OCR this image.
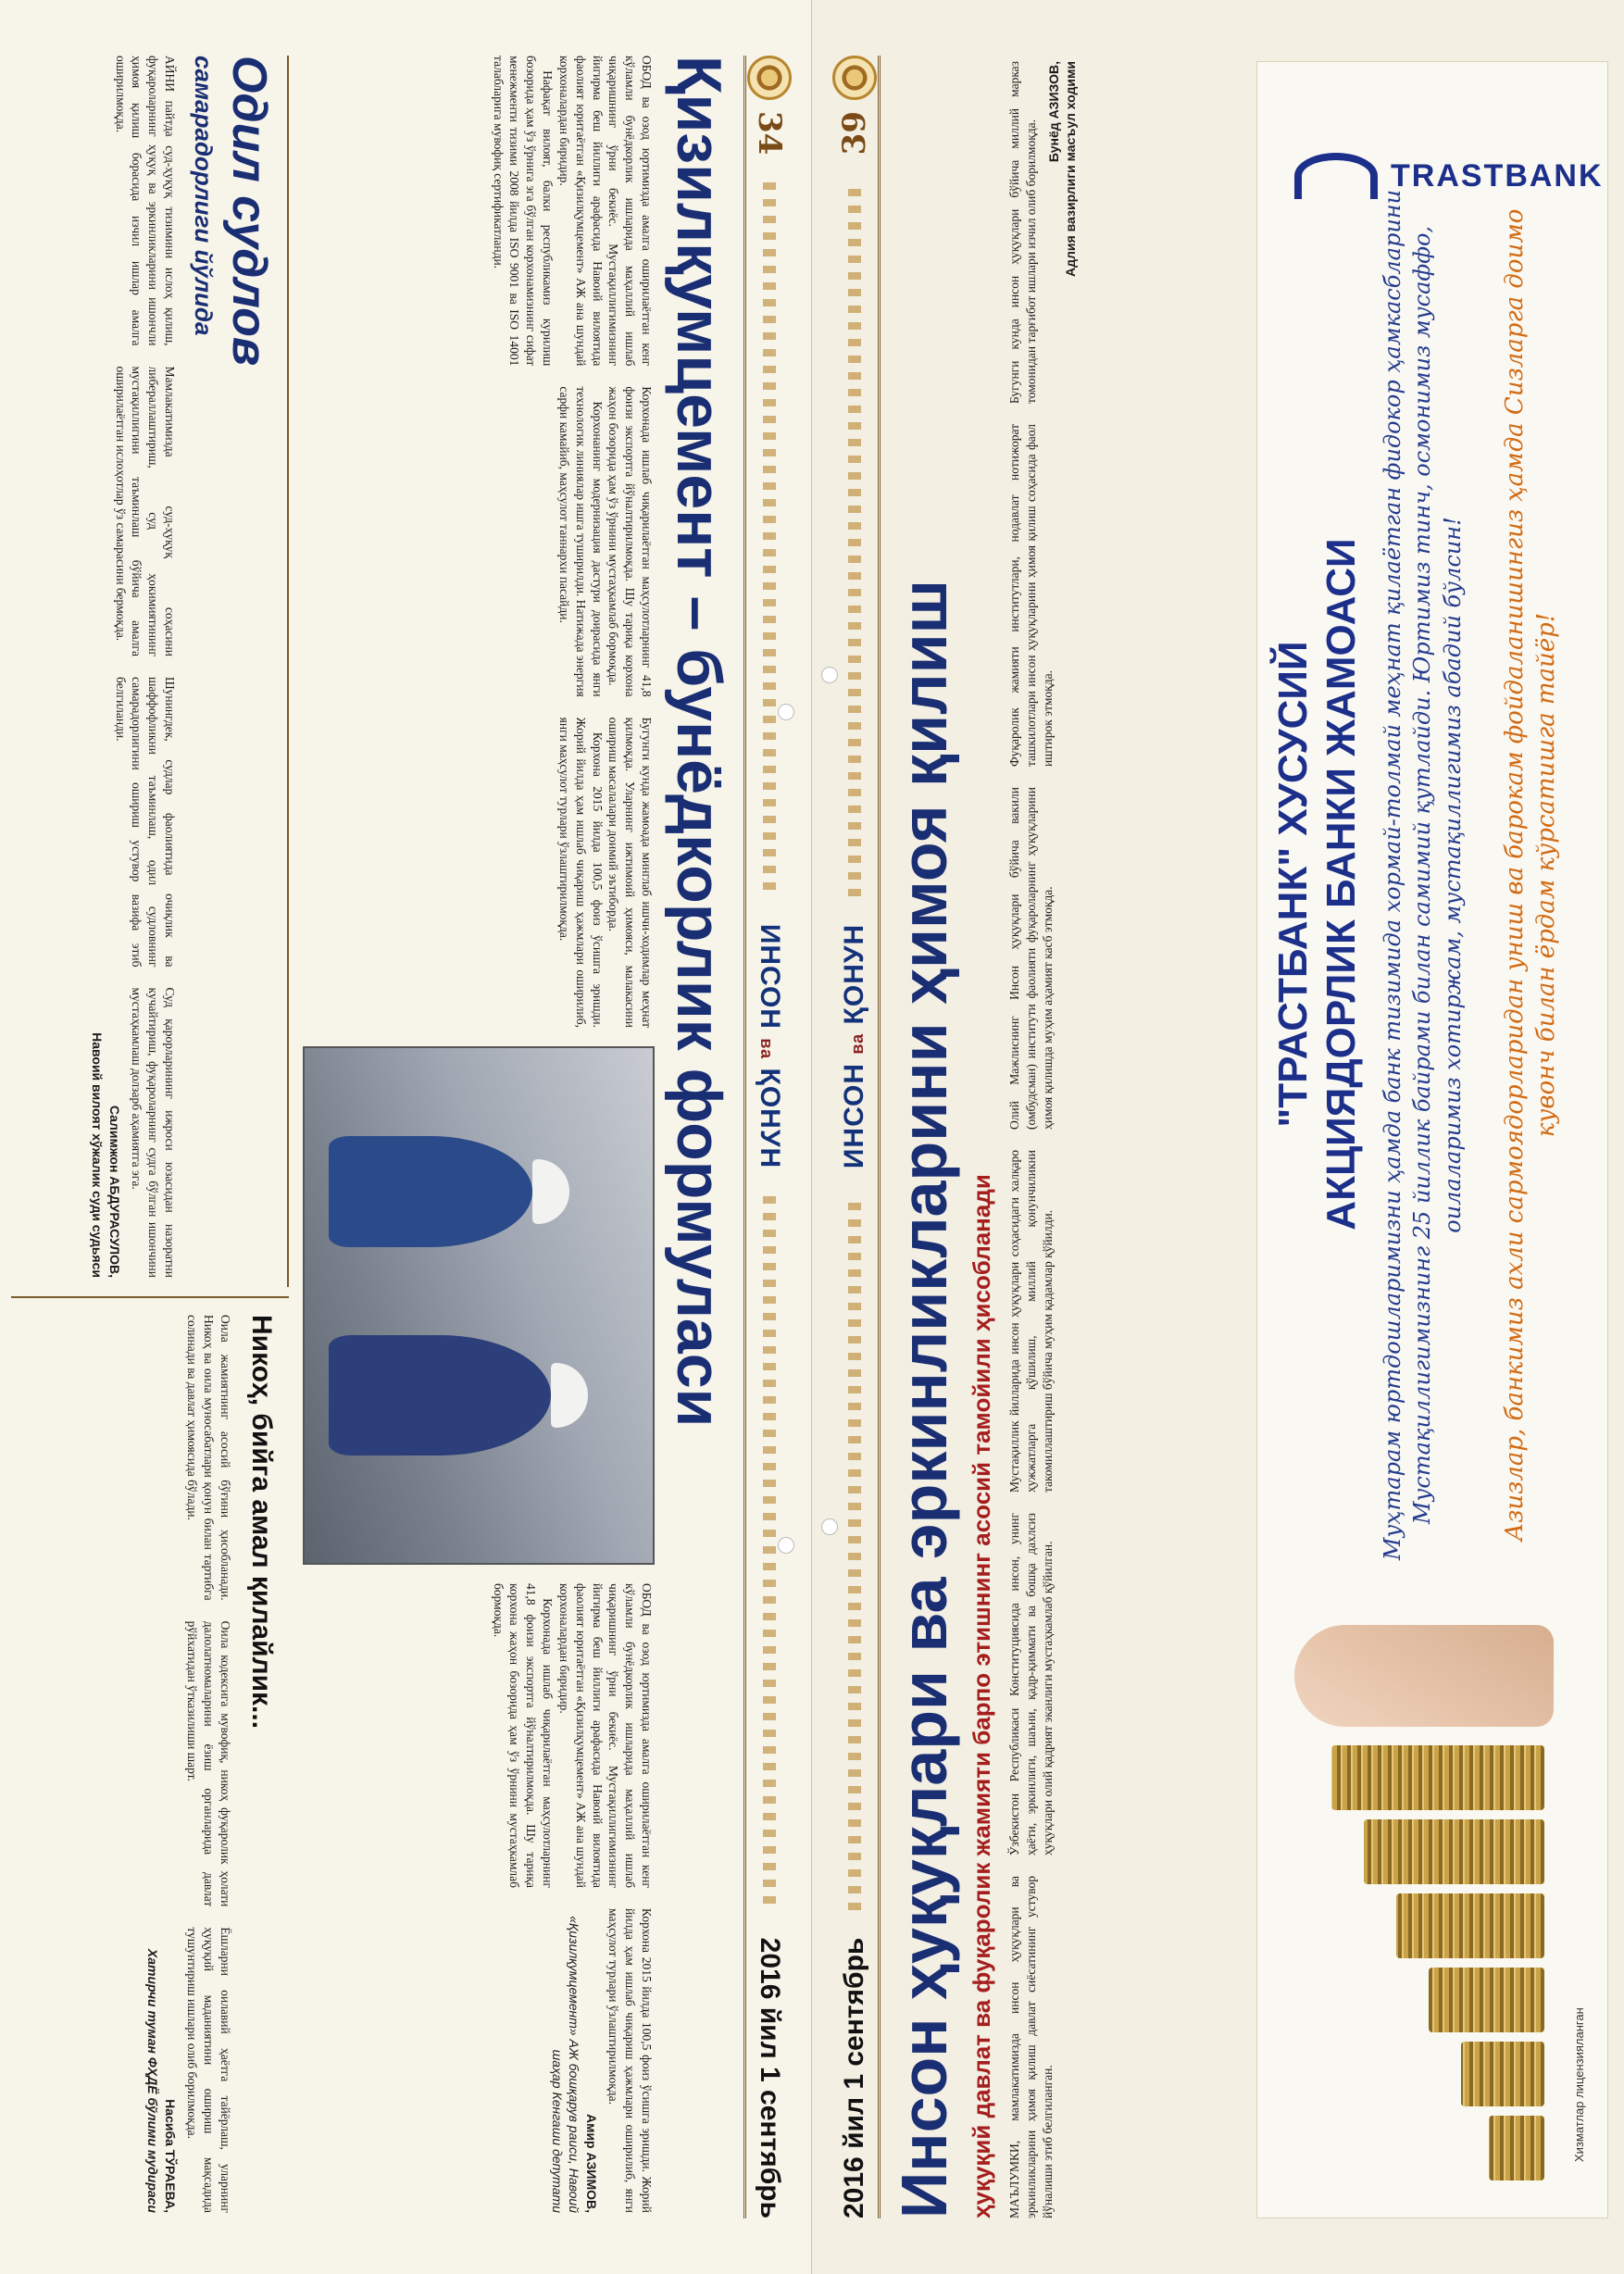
34
ИНСОН ва ҚОНУН
2016 йил 1 сентябрь
Қизилқумцемент – бунёдкорлик формуласи

ОБОД ва озод юртимизда амалга оширилаётган кенг кўламли бунёдкорлик ишларида маҳаллий ишлаб чиқаришнинг ўрни бекиёс. Мустақиллигимизнинг йигирма беш йиллиги арафасида Навоий вилоятида фаолият юритаётган «Қизилқумцемент» АЖ ана шундай корхоналардан биридир.

Нафақат вилоят, балки республикамиз курилиш бозорида ҳам ўз ўрнига эга бўлган корхонамизнинг сифат менежменти тизими 2008 йилда ISO 9001 ва ISO 14001 талабларига мувофиқ сертификатланди.

Корхонада ишлаб чиқарилаётган маҳсулотларнинг 41,8 фоизи экспортга йўналтирилмоқда. Шу тариқа корхона жаҳон бозорида ҳам ўз ўрнини мустаҳкамлаб бормоқда.

Корхонанинг модернизация дастури доирасида янги технологик линиялар ишга туширилди. Натижада энергия сарфи камайиб, маҳсулот таннархи пасайди.

Бугунги кунда жамоада минглаб ишчи-ходимлар меҳнат қилмоқда. Уларнинг ижтимоий ҳимояси, малакасини ошириш масалалари доимий эътиборда.

Корхона 2015 йилда 100,5 фоиз ўсишга эришди. Жорий йилда ҳам ишлаб чиқариш ҳажмлари оширилиб, янги маҳсулот турлари ўзлаштирилмоқда.

ОБОД ва озод юртимизда амалга оширилаётган кенг кўламли бунёдкорлик ишларида маҳаллий ишлаб чиқаришнинг ўрни бекиёс. Мустақиллигимизнинг йигирма беш йиллиги арафасида Навоий вилоятида фаолият юритаётган «Қизилқумцемент» АЖ ана шундай корхоналардан биридир.

Корхонада ишлаб чиқарилаётган маҳсулотларнинг 41,8 фоизи экспортга йўналтирилмоқда. Шу тариқа корхона жаҳон бозорида ҳам ўз ўрнини мустаҳкамлаб бормоқда.

Корхона 2015 йилда 100,5 фоиз ўсишга эришди. Жорий йилда ҳам ишлаб чиқариш ҳажмлари оширилиб, янги маҳсулот турлари ўзлаштирилмоқда.

Амир АЗИМОВ,
«Қизилқумцемент» АЖ бошқарув раиси, Навоий шаҳар Кенгаши депутати
Одил судлов
самарадорлиги йўлида

АЙНИ пайтда суд-ҳуқуқ тизимини ислоҳ қилиш, фуқароларнинг ҳуқуқ ва эркинликларини ишончли ҳимоя қилиш борасида изчил ишлар амалга оширилмоқда.

Мамлакатимизда суд-ҳуқуқ соҳасини либераллаштириш, суд ҳокимиятининг мустақиллигини таъминлаш бўйича амалга оширилаётган ислоҳотлар ўз самарасини бермоқда.

Шунингдек, судлар фаолиятида очиқлик ва шаффофликни таъминлаш, одил судловнинг самарадорлигини ошириш устувор вазифа этиб белгиланди.

Суд қарорларининг ижроси юзасидан назоратни кучайтириш, фуқароларнинг судга бўлган ишончини мустаҳкамлаш долзарб аҳамиятга эга.

Салимжон АБДУРАСУЛОВ,
Навоий вилоят хўжалик суди судьяси
Никоҳ, бийга амал қилайлик...

Оила жамиятнинг асосий бўғини ҳисобланади. Никоҳ ва оила муносабатлари қонун билан тартибга солинади ва давлат ҳимоясида бўлади.

Оила кодексига мувофиқ, никоҳ фуқаролик ҳолати далолатномаларини ёзиш органларида давлат рўйхатидан ўтказилиши шарт.

Ёшларни оилавий ҳаётга тайёрлаш, уларнинг ҳуқуқий маданиятини ошириш мақсадида тушунтириш ишлари олиб борилмоқда.

Насиба ТЎРАЕВА,
Хатирчи туман ФҲДЁ бўлими мудираси	2016 йил 1 сентябрь
ИНСОН ва ҚОНУН
39
Инсон ҳуқуқлари ва эркинликларини ҳимоя қилиш ҳуқуқий давлат ва фуқаролик жамияти барпо этишнинг асосий тамойили ҳисобланади МАЪЛУМКИ, мамлакатимизда инсон ҳуқуқлари ва эркинликларини ҳимоя қилиш давлат сиёсатининг устувор йўналиши этиб белгиланган.

Ўзбекистон Республикаси Конституциясида инсон, унинг ҳаёти, эркинлиги, шаъни, қадр-қиммати ва бошқа дахлсиз ҳуқуқлари олий қадрият эканлиги мустаҳкамлаб қўйилган.

Мустақиллик йилларида инсон ҳуқуқлари соҳасидаги халқаро ҳужжатларга қўшилиш, миллий қонунчиликни такомиллаштириш бўйича муҳим қадамлар қўйилди.

Олий Мажлиснинг Инсон ҳуқуқлари бўйича вакили (омбудсман) институти фаолияти фуқароларнинг ҳуқуқларини ҳимоя қилишда муҳим аҳамият касб этмоқда.

Фуқаролик жамияти институтлари, нодавлат нотижорат ташкилотлари инсон ҳуқуқларини ҳимоя қилиш соҳасида фаол иштирок этмоқда.

Бугунги кунда инсон ҳуқуқлари бўйича миллий марказ томонидан тарғибот ишлари изчил олиб борилмоқда.

Бунёд АЗИЗОВ, Адлия вазирлиги масъул ходими
"ТРАСТБАНК" ХУСУСИЙ АКЦИЯДОРЛИК БАНКИ ЖАМОАСИ Муҳтарам юртдошларимизни ҳамда банк тизимида хормай-толмай меҳнат қилаётган фидокор ҳамкасбларини Мустақиллигимизнинг 25 йиллик байрами билан самимий қутлайди. Юртимиз тинч, осмонимиз мусаффо, оилаларимиз хотиржам, мустақиллигимиз абадий бўлсин! Азизлар, банкимиз ахли сармоядорларидан униш ва барокам фойдаланишингиз ҳамда Сизларга доимо кувонч билан ёрдам кўрсатишга тайёр!
TRASTBANK
Хизматлар лицензияланган
